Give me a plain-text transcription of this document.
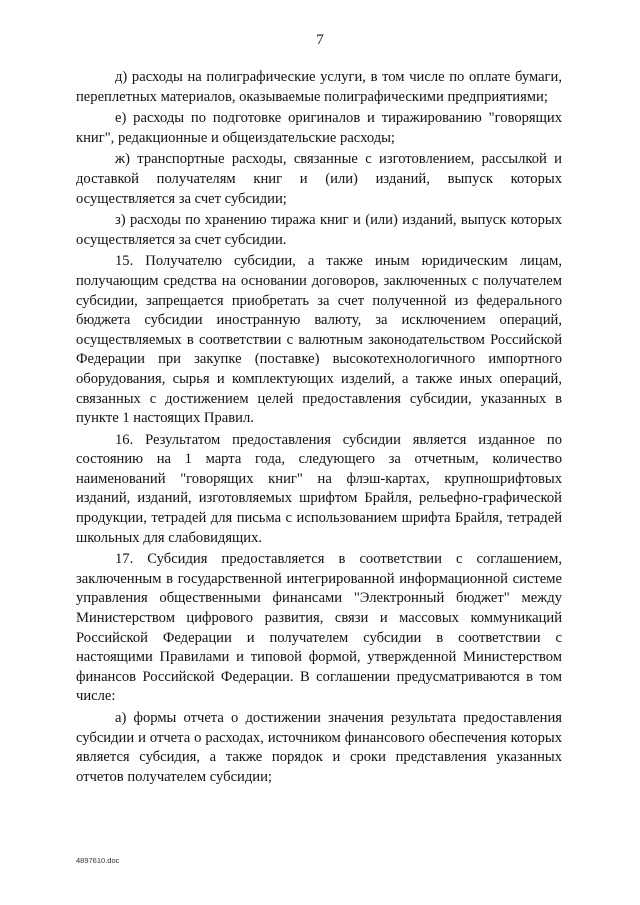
7

д) расходы на полиграфические услуги, в том числе по оплате бумаги, переплетных материалов, оказываемые полиграфическими предприятиями;

е) расходы по подготовке оригиналов и тиражированию "говорящих книг", редакционные и общеиздательские расходы;

ж) транспортные расходы, связанные с изготовлением, рассылкой и доставкой получателям книг и (или) изданий, выпуск которых осуществляется за счет субсидии;

з) расходы по хранению тиража книг и (или) изданий, выпуск которых осуществляется за счет субсидии.

15. Получателю субсидии, а также иным юридическим лицам, получающим средства на основании договоров, заключенных с получателем субсидии, запрещается приобретать за счет полученной из федерального бюджета субсидии иностранную валюту, за исключением операций, осуществляемых в соответствии с валютным законодательством Российской Федерации при закупке (поставке) высокотехнологичного импортного оборудования, сырья и комплектующих изделий, а также иных операций, связанных с достижением целей предоставления субсидии, указанных в пункте 1 настоящих Правил.

16. Результатом предоставления субсидии является изданное по состоянию на 1 марта года, следующего за отчетным, количество наименований "говорящих книг" на флэш-картах, крупношрифтовых изданий, изданий, изготовляемых шрифтом Брайля, рельефно-графической продукции, тетрадей для письма с использованием шрифта Брайля, тетрадей школьных для слабовидящих.

17. Субсидия предоставляется в соответствии с соглашением, заключенным в государственной интегрированной информационной системе управления общественными финансами "Электронный бюджет" между Министерством цифрового развития, связи и массовых коммуникаций Российской Федерации и получателем субсидии в соответствии с настоящими Правилами и типовой формой, утвержденной Министерством финансов Российской Федерации. В соглашении предусматриваются в том числе:

а) формы отчета о достижении значения результата предоставления субсидии и отчета о расходах, источником финансового обеспечения которых является субсидия, а также порядок и сроки представления указанных отчетов получателем субсидии;

4897610.doc
